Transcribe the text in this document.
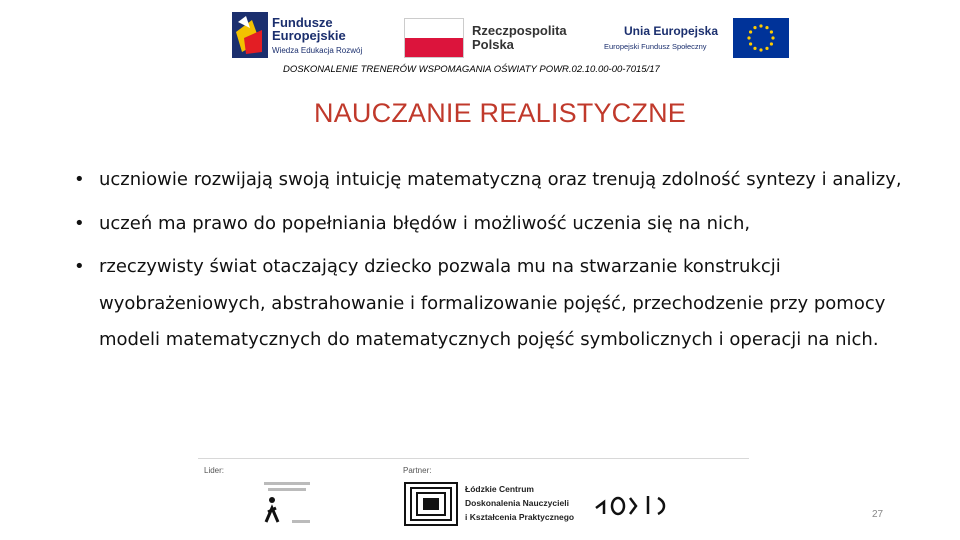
Fundusze
Europejskie
Wiedza Edukacja Rozwój
Rzeczpospolita
Polska
Unia Europejska
Europejski Fundusz Społeczny
DOSKONALENIE TRENERÓW WSPOMAGANIA OŚWIATY POWR.02.10.00-00-7015/17
NAUCZANIE REALISTYCZNE
• uczniowie rozwijają swoją intuicję matematyczną oraz trenują zdolność syntezy i analizy,
• uczeń ma prawo do popełniania błędów i możliwość uczenia się na nich,
• rzeczywisty świat otaczający dziecko pozwala mu na stwarzanie konstrukcji wyobrażeniowych, abstrahowanie i formalizowanie pojęść, przechodzenie przy pomocy modeli matematycznych do matematycznych pojęść symbolicznych i operacji na nich.
Lider:	Partner:
Łódzkie Centrum
Doskonalenia Nauczycieli
i Kształcenia Praktycznego	27
